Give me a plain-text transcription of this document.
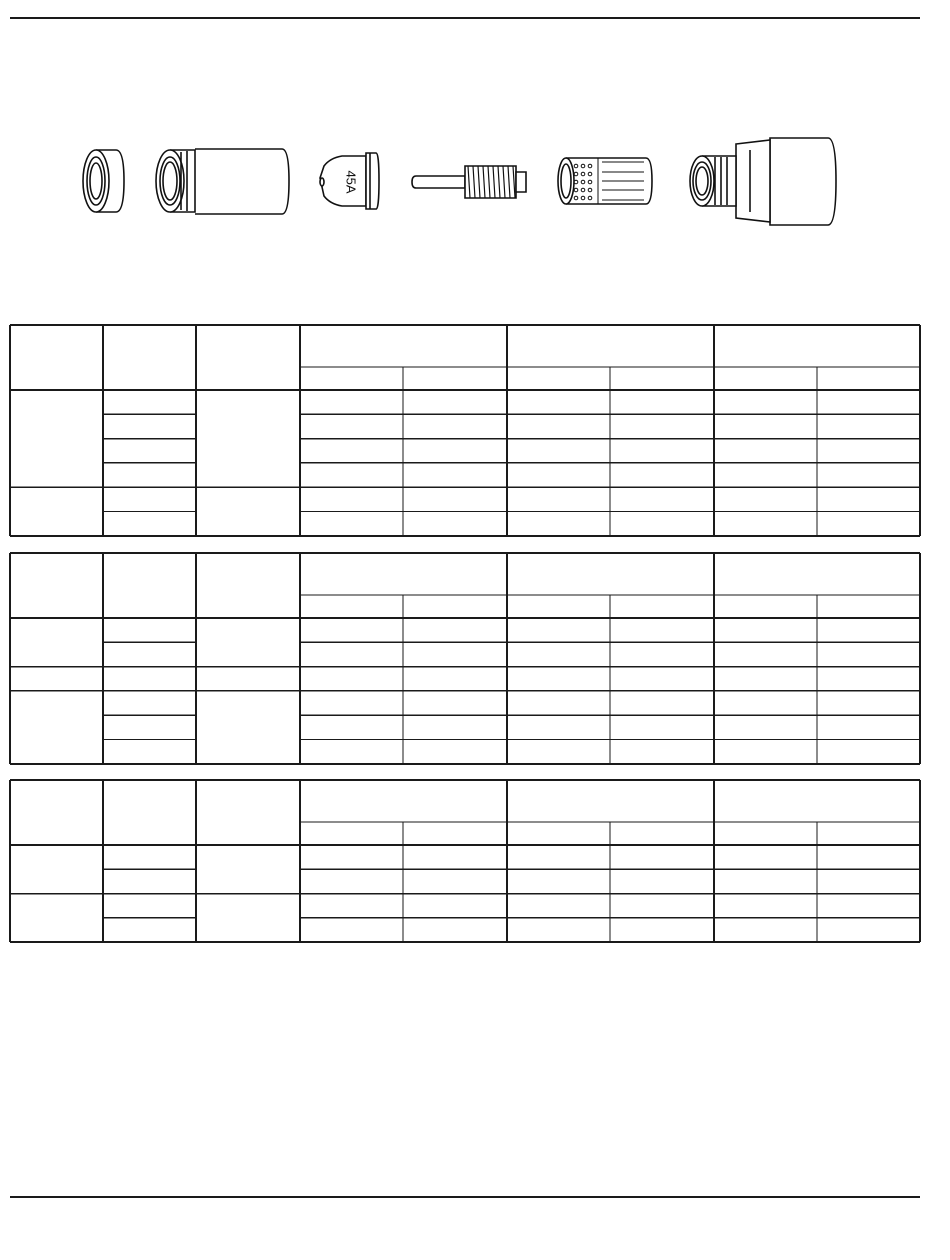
45A
